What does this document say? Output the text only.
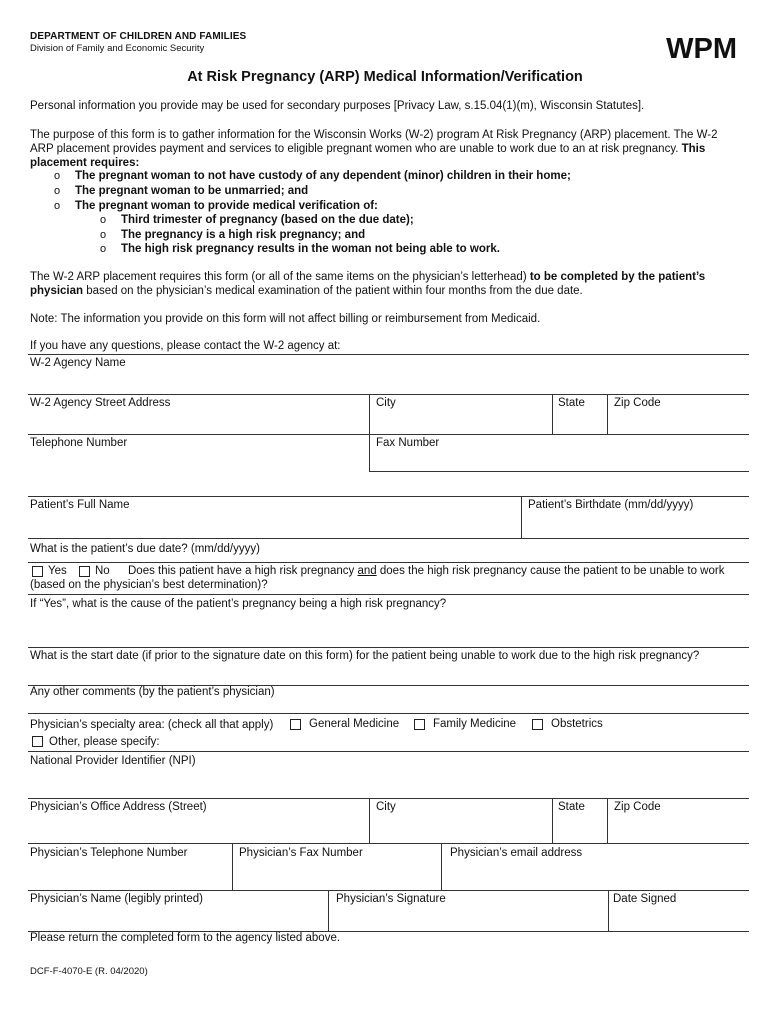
DEPARTMENT OF CHILDREN AND FAMILIES
Division of Family and Economic Security	WPM
At Risk Pregnancy (ARP) Medical Information/Verification
Personal information you provide may be used for secondary purposes [Privacy Law, s.15.04(1)(m), Wisconsin Statutes].
The purpose of this form is to gather information for the Wisconsin Works (W-2) program At Risk Pregnancy (ARP) placement. The W-2 ARP placement provides payment and services to eligible pregnant women who are unable to work due to an at risk pregnancy. This placement requires:
o The pregnant woman to not have custody of any dependent (minor) children in their home;
o The pregnant woman to be unmarried; and
o The pregnant woman to provide medical verification of:
o Third trimester of pregnancy (based on the due date);
o The pregnancy is a high risk pregnancy; and
o The high risk pregnancy results in the woman not being able to work.
The W-2 ARP placement requires this form (or all of the same items on the physician’s letterhead) to be completed by the patient’s physician based on the physician’s medical examination of the patient within four months from the due date.
Note: The information you provide on this form will not affect billing or reimbursement from Medicaid.
If you have any questions, please contact the W-2 agency at:
W-2 Agency Name
W-2 Agency Street Address	City	State	Zip Code
Telephone Number	Fax Number
Patient’s Full Name	Patient’s Birthdate (mm/dd/yyyy)
What is the patient’s due date? (mm/dd/yyyy)
Yes No Does this patient have a high risk pregnancy and does the high risk pregnancy cause the patient to be unable to work
(based on the physician’s best determination)?
If “Yes”, what is the cause of the patient’s pregnancy being a high risk pregnancy?
What is the start date (if prior to the signature date on this form) for the patient being unable to work due to the high risk pregnancy?
Any other comments (by the patient’s physician)
Physician’s specialty area: (check all that apply)	General Medicine	Family Medicine	Obstetrics
Other, please specify:
National Provider Identifier (NPI)
Physician’s Office Address (Street)	City	State	Zip Code
Physician’s Telephone Number	Physician’s Fax Number	Physician’s email address
Physician’s Name (legibly printed)	Physician’s Signature	Date Signed
Please return the completed form to the agency listed above.
DCF-F-4070-E (R. 04/2020)
